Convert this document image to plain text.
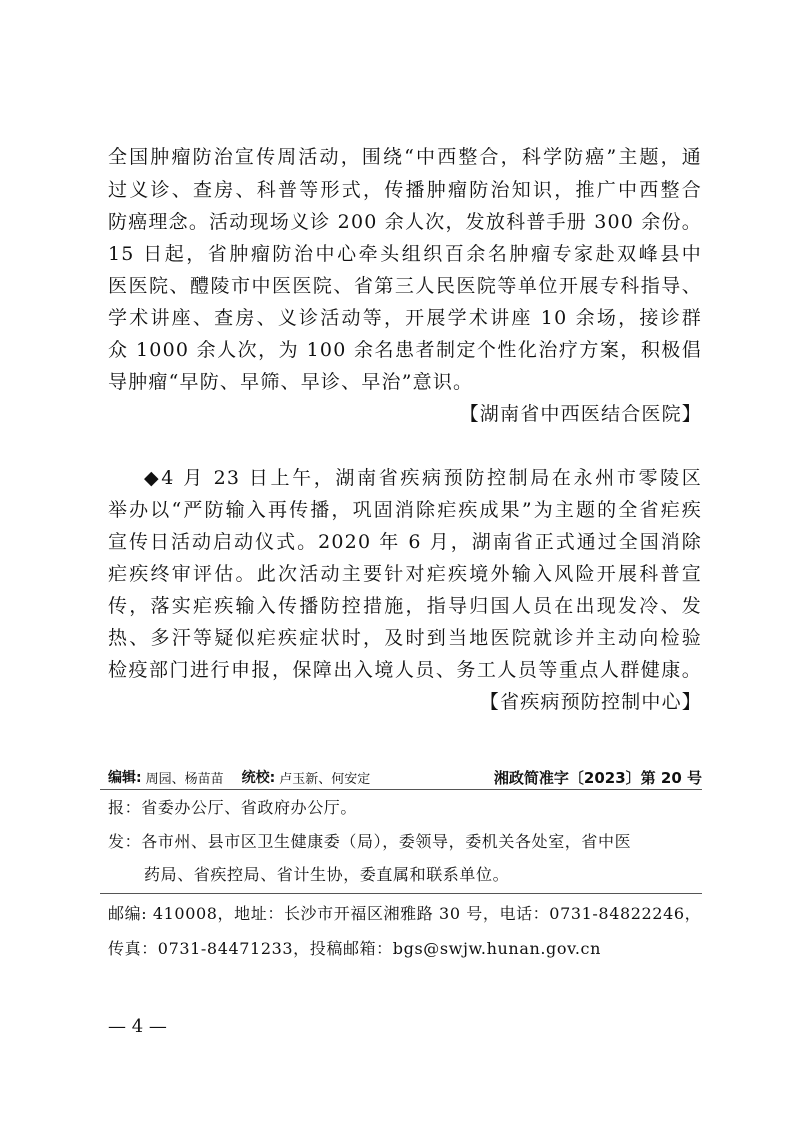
全国肿瘤防治宣传周活动，围绕“中西整合，科学防癌”主题，通
过义诊、查房、科普等形式，传播肿瘤防治知识，推广中西整合
防癌理念。活动现场义诊 200 余人次，发放科普手册 300 余份。
15 日起，省肿瘤防治中心牵头组织百余名肿瘤专家赴双峰县中
医医院、醴陵市中医医院、省第三人民医院等单位开展专科指导、
学术讲座、查房、义诊活动等，开展学术讲座 10 余场，接诊群
众 1000 余人次，为 100 余名患者制定个性化治疗方案，积极倡
导肿瘤“早防、早筛、早诊、早治”意识。
【湖南省中西医结合医院】
◆4 月 23 日上午，湖南省疾病预防控制局在永州市零陵区
举办以“严防输入再传播，巩固消除疟疾成果”为主题的全省疟疾
宣传日活动启动仪式。2020 年 6 月，湖南省正式通过全国消除
疟疾终审评估。此次活动主要针对疟疾境外输入风险开展科普宣
传，落实疟疾输入传播防控措施，指导归国人员在出现发冷、发
热、多汗等疑似疟疾症状时，及时到当地医院就诊并主动向检验
检疫部门进行申报，保障出入境人员、务工人员等重点人群健康。
【省疾病预防控制中心】
编辑: 周园、杨苗苗 统校: 卢玉新、何安定	湘政简准字〔2023〕第 20 号
报：省委办公厅、省政府办公厅。
发：各市州、县市区卫生健康委（局），委领导，委机关各处室，省中医
药局、省疾控局、省计生协，委直属和联系单位。
邮编: 410008，地址：长沙市开福区湘雅路 30 号，电话：0731-84822246，
传真：0731-84471233，投稿邮箱：bgs@swjw.hunan.gov.cn
— 4 —
